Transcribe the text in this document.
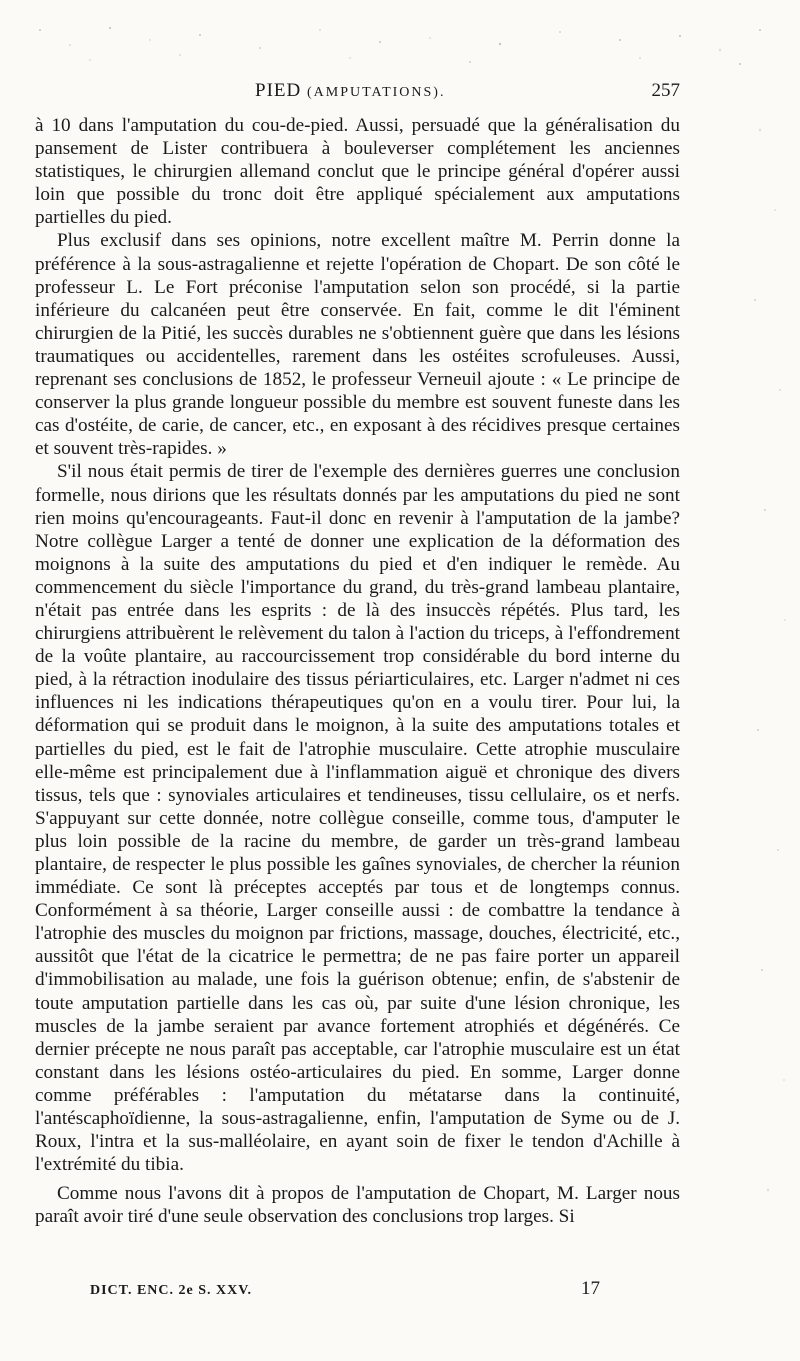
PIED (AMPUTATIONS).	257

à 10 dans l'amputation du cou-de-pied. Aussi, persuadé que la généralisation du pansement de Lister contribuera à bouleverser complétement les anciennes statistiques, le chirurgien allemand conclut que le principe général d'opérer aussi loin que possible du tronc doit être appliqué spécialement aux amputations partielles du pied.

Plus exclusif dans ses opinions, notre excellent maître M. Perrin donne la préférence à la sous-astragalienne et rejette l'opération de Chopart. De son côté le professeur L. Le Fort préconise l'amputation selon son procédé, si la partie inférieure du calcanéen peut être conservée. En fait, comme le dit l'éminent chirurgien de la Pitié, les succès durables ne s'obtiennent guère que dans les lésions traumatiques ou accidentelles, rarement dans les ostéites scrofuleuses. Aussi, reprenant ses conclusions de 1852, le professeur Verneuil ajoute : « Le principe de conserver la plus grande longueur possible du membre est souvent funeste dans les cas d'ostéite, de carie, de cancer, etc., en exposant à des récidives presque certaines et souvent très-rapides. »

S'il nous était permis de tirer de l'exemple des dernières guerres une conclusion formelle, nous dirions que les résultats donnés par les amputations du pied ne sont rien moins qu'encourageants. Faut-il donc en revenir à l'amputation de la jambe? Notre collègue Larger a tenté de donner une explication de la déformation des moignons à la suite des amputations du pied et d'en indiquer le remède. Au commencement du siècle l'importance du grand, du très-grand lambeau plantaire, n'était pas entrée dans les esprits : de là des insuccès répétés. Plus tard, les chirurgiens attribuèrent le relèvement du talon à l'action du triceps, à l'effondrement de la voûte plantaire, au raccourcissement trop considérable du bord interne du pied, à la rétraction inodulaire des tissus périarticulaires, etc. Larger n'admet ni ces influences ni les indications thérapeutiques qu'on en a voulu tirer. Pour lui, la déformation qui se produit dans le moignon, à la suite des amputations totales et partielles du pied, est le fait de l'atrophie musculaire. Cette atrophie musculaire elle-même est principalement due à l'inflammation aiguë et chronique des divers tissus, tels que : synoviales articulaires et tendineuses, tissu cellulaire, os et nerfs. S'appuyant sur cette donnée, notre collègue conseille, comme tous, d'amputer le plus loin possible de la racine du membre, de garder un très-grand lambeau plantaire, de respecter le plus possible les gaînes synoviales, de chercher la réunion immédiate. Ce sont là préceptes acceptés par tous et de longtemps connus. Conformément à sa théorie, Larger conseille aussi : de combattre la tendance à l'atrophie des muscles du moignon par frictions, massage, douches, électricité, etc., aussitôt que l'état de la cicatrice le permettra; de ne pas faire porter un appareil d'immobilisation au malade, une fois la guérison obtenue; enfin, de s'abstenir de toute amputation partielle dans les cas où, par suite d'une lésion chronique, les muscles de la jambe seraient par avance fortement atrophiés et dégénérés. Ce dernier précepte ne nous paraît pas acceptable, car l'atrophie musculaire est un état constant dans les lésions ostéo-articulaires du pied. En somme, Larger donne comme préférables : l'amputation du métatarse dans la continuité, l'antéscaphoïdienne, la sous-astragalienne, enfin, l'amputation de Syme ou de J. Roux, l'intra et la sus-malléolaire, en ayant soin de fixer le tendon d'Achille à l'extrémité du tibia.

Comme nous l'avons dit à propos de l'amputation de Chopart, M. Larger nous paraît avoir tiré d'une seule observation des conclusions trop larges. Si

DICT. ENC. 2e S. XXV.	17
